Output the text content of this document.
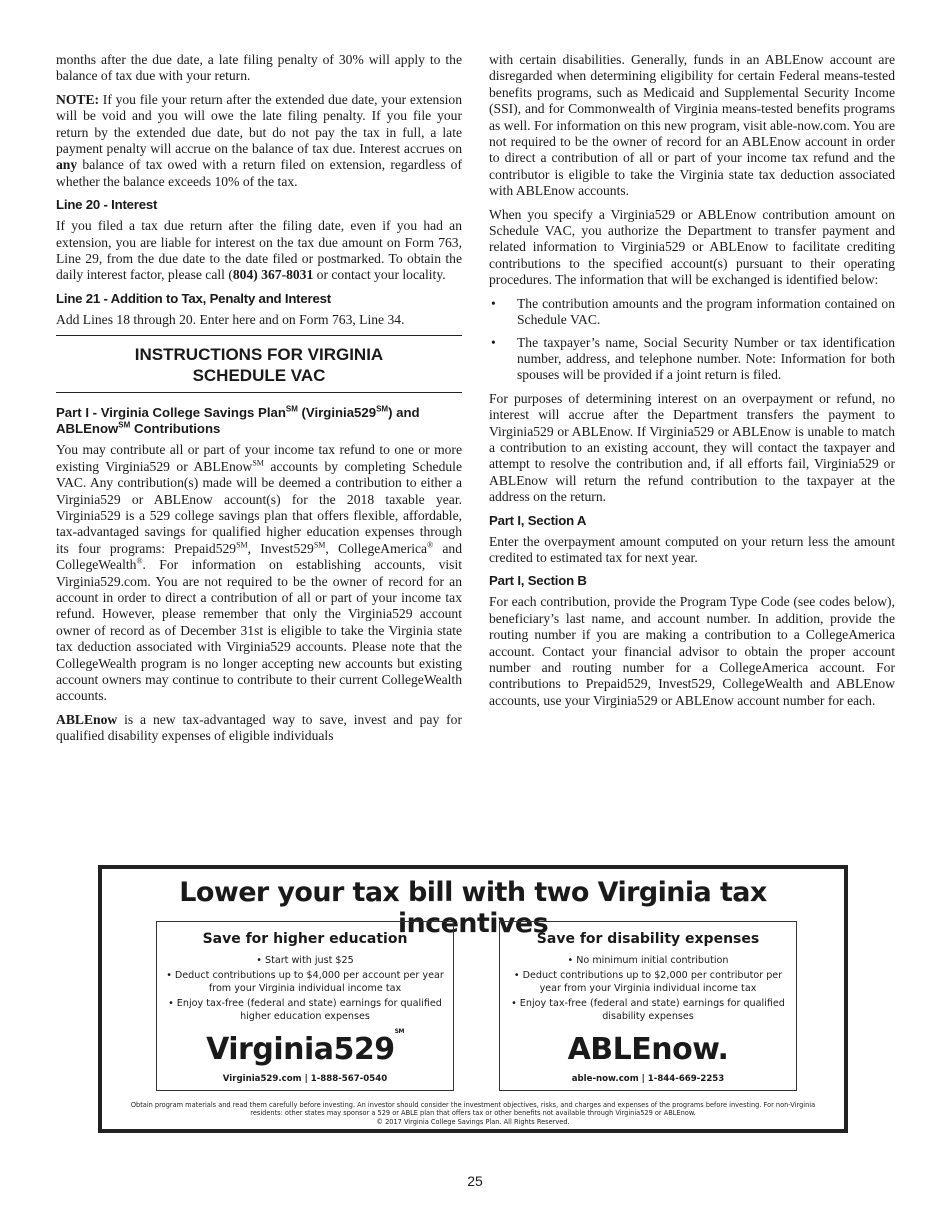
months after the due date, a late filing penalty of 30% will apply to the balance of tax due with your return.

NOTE: If you file your return after the extended due date, your extension will be void and you will owe the late filing penalty. If you file your return by the extended due date, but do not pay the tax in full, a late payment penalty will accrue on the balance of tax due. Interest accrues on any balance of tax owed with a return filed on extension, regardless of whether the balance exceeds 10% of the tax.

Line 20 - Interest

If you filed a tax due return after the filing date, even if you had an extension, you are liable for interest on the tax due amount on Form 763, Line 29, from the due date to the date filed or postmarked. To obtain the daily interest factor, please call (804) 367-8031 or contact your locality.

Line 21 - Addition to Tax, Penalty and Interest

Add Lines 18 through 20. Enter here and on Form 763, Line 34.

INSTRUCTIONS FOR VIRGINIA
SCHEDULE VAC
Part I - Virginia College Savings Plan℠ (Virginia529℠) and ABLEnow℠ Contributions

You may contribute all or part of your income tax refund to one or more existing Virginia529 or ABLEnow℠ accounts by completing Schedule VAC. Any contribution(s) made will be deemed a contribution to either a Virginia529 or ABLEnow account(s) for the 2018 taxable year. Virginia529 is a 529 college savings plan that offers flexible, affordable, tax-advantaged savings for qualified higher education expenses through its four programs: Prepaid529℠, Invest529℠, CollegeAmerica® and CollegeWealth®. For information on establishing accounts, visit Virginia529.com. You are not required to be the owner of record for an account in order to direct a contribution of all or part of your income tax refund. However, please remember that only the Virginia529 account owner of record as of December 31st is eligible to take the Virginia state tax deduction associated with Virginia529 accounts. Please note that the CollegeWealth program is no longer accepting new accounts but existing account owners may continue to contribute to their current CollegeWealth accounts.

ABLEnow is a new tax-advantaged way to save, invest and pay for qualified disability expenses of eligible individuals

with certain disabilities. Generally, funds in an ABLEnow account are disregarded when determining eligibility for certain Federal means-tested benefits programs, such as Medicaid and Supplemental Security Income (SSI), and for Commonwealth of Virginia means-tested benefits programs as well. For information on this new program, visit able-now.com. You are not required to be the owner of record for an ABLEnow account in order to direct a contribution of all or part of your income tax refund and the contributor is eligible to take the Virginia state tax deduction associated with ABLEnow accounts.

When you specify a Virginia529 or ABLEnow contribution amount on Schedule VAC, you authorize the Department to transfer payment and related information to Virginia529 or ABLEnow to facilitate crediting contributions to the specified account(s) pursuant to their operating procedures. The information that will be exchanged is identified below:

• The contribution amounts and the program information contained on Schedule VAC.
• The taxpayer’s name, Social Security Number or tax identification number, address, and telephone number. Note: Information for both spouses will be provided if a joint return is filed.

For purposes of determining interest on an overpayment or refund, no interest will accrue after the Department transfers the payment to Virginia529 or ABLEnow. If Virginia529 or ABLEnow is unable to match a contribution to an existing account, they will contact the taxpayer and attempt to resolve the contribution and, if all efforts fail, Virginia529 or ABLEnow will return the refund contribution to the taxpayer at the address on the return.

Part I, Section A

Enter the overpayment amount computed on your return less the amount credited to estimated tax for next year.

Part I, Section B

For each contribution, provide the Program Type Code (see codes below), beneficiary’s last name, and account number. In addition, provide the routing number if you are making a contribution to a CollegeAmerica account. Contact your financial advisor to obtain the proper account number and routing number for a CollegeAmerica account. For contributions to Prepaid529, Invest529, CollegeWealth and ABLEnow accounts, use your Virginia529 or ABLEnow account number for each.

Lower your tax bill with two Virginia tax incentives
Save for higher education
• Start with just $25
• Deduct contributions up to $4,000 per account per year from your Virginia individual income tax
• Enjoy tax-free (federal and state) earnings for qualified higher education expenses
Virginia529℠
Virginia529.com | 1-888-567-0540
Save for disability expenses
• No minimum initial contribution
• Deduct contributions up to $2,000 per contributor per year from your Virginia individual income tax
• Enjoy tax-free (federal and state) earnings for qualified disability expenses
ABLEnow.
able-now.com | 1-844-669-2253
Obtain program materials and read them carefully before investing. An investor should consider the investment objectives, risks, and charges and expenses of the programs before investing. For non-Virginia residents: other states may sponsor a 529 or ABLE plan that offers tax or other benefits not available through Virginia529 or ABLEnow.
© 2017 Virginia College Savings Plan. All Rights Reserved.
25
